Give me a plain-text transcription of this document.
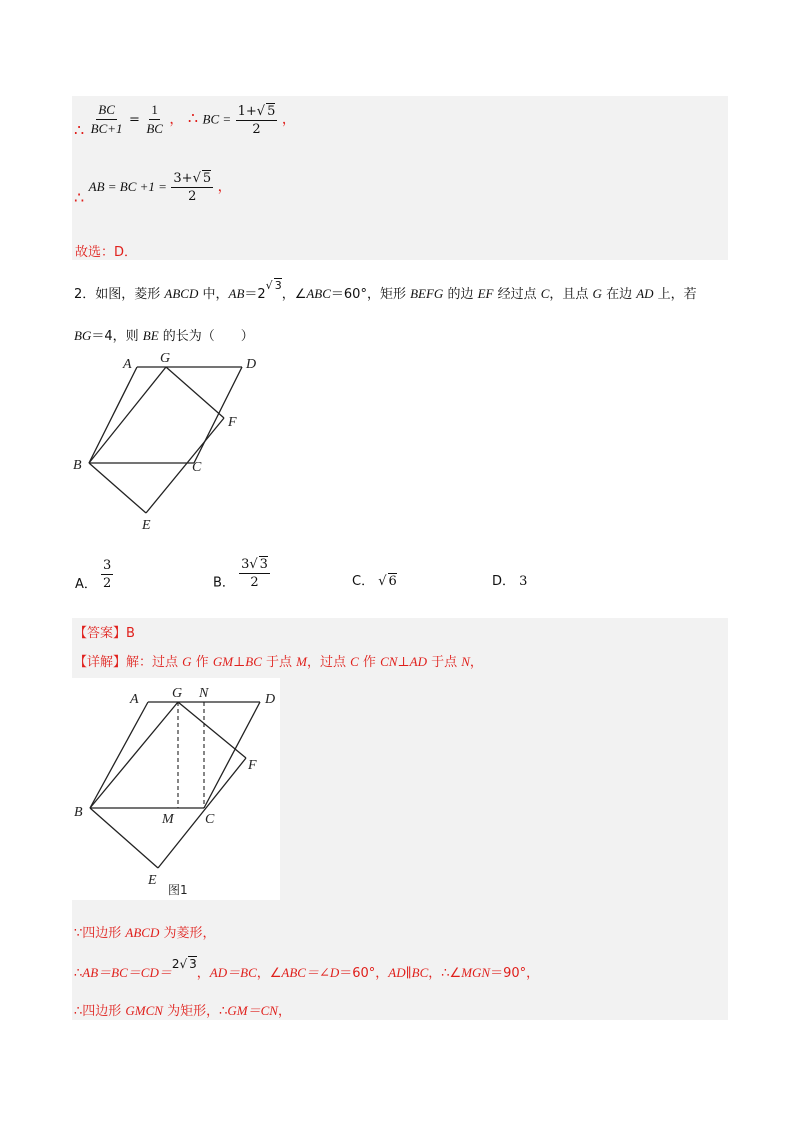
∴ $\frac{BC}{BC+1} = \frac{1}{BC}$ ， ∴ BC = $\frac{1+√ 5}{2}$ ，
∴ AB = BC $+1 = \frac{3+√ 5}{2}$ ，
故选：D．
2．如图，菱形 ABCD 中，$AB=2^{√ 3}$，∠ABC＝60°，矩形 BEFG 的边 EF 经过点 C，且点 G 在边 AD 上，若
BG＝4，则 BE 的长为（　　）
A G	D
F
B	C
E
A． $\frac{3}{2}$	B． $\frac{3√ 3}{2}$	C． √ 6	D． 3
【答案】B
【详解】解：过点 G 作 GM⊥BC 于点 M，过点 C 作 CN⊥AD 于点 N，
A G N	D
F
B	M C
E
图1
∵四边形 ABCD 为菱形，
∴AB＝BC＝CD＝2√ 3，AD＝BC，∠ABC＝∠D＝60°，AD∥BC，∴∠MGN＝90°，
∴四边形 GMCN 为矩形，∴GM＝CN，
